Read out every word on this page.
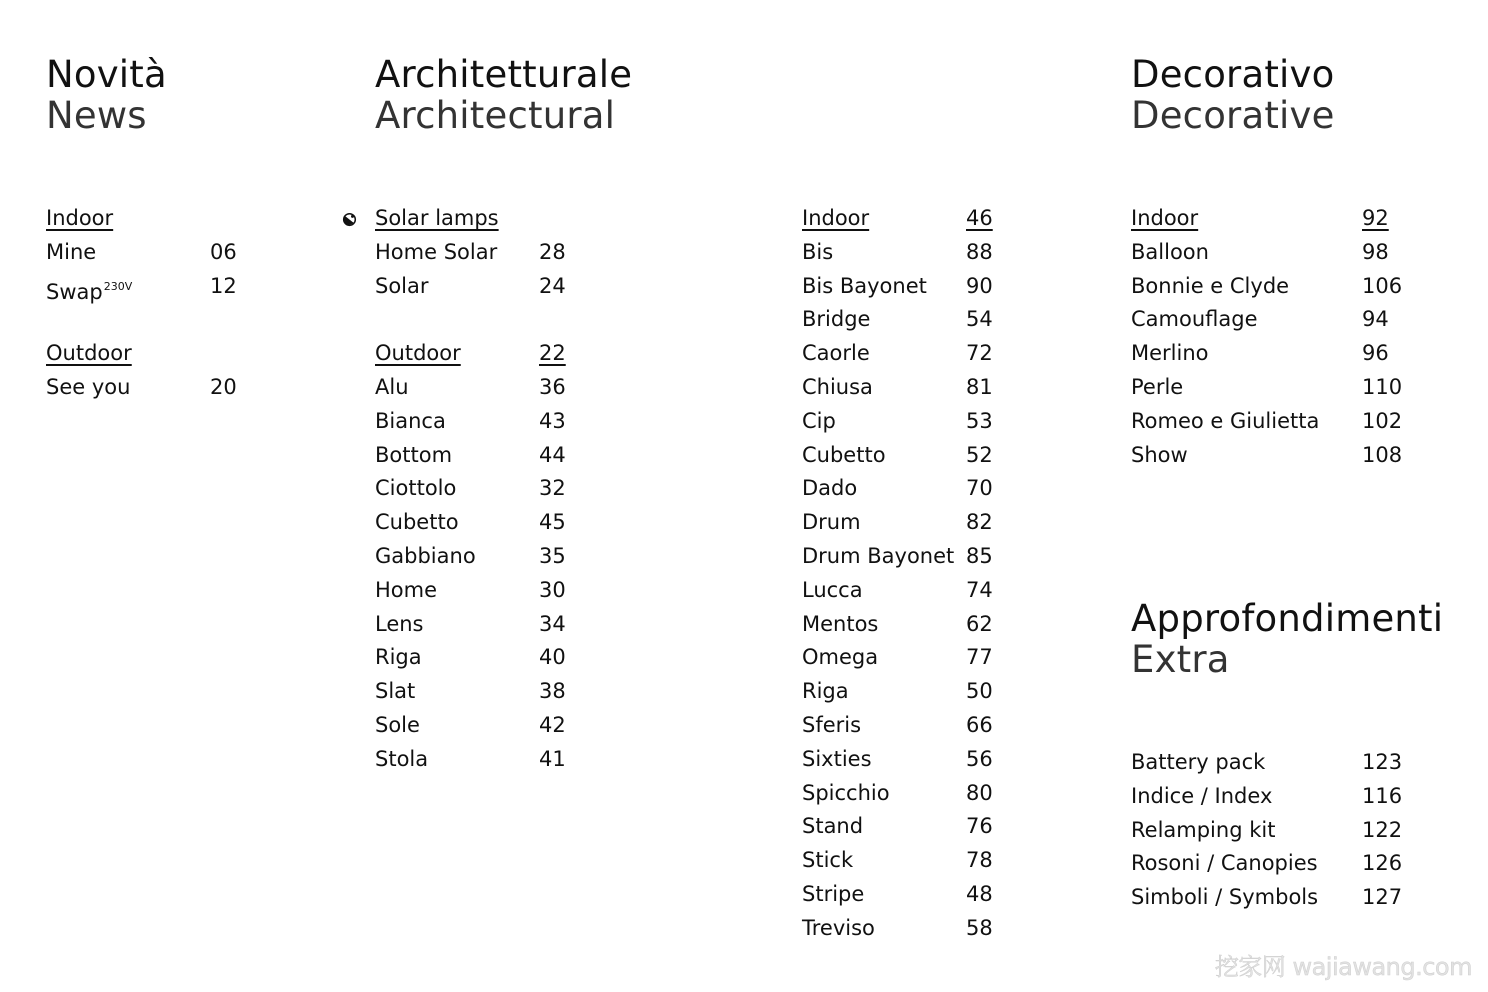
Novità
News
Architetturale
Architectural
Decorativo
Decorative
Approfondimenti
Extra
Indoor
Mine	06
Swap$^{230V}$	12
Outdoor
See you	20
Solar lamps
Home Solar 28
Solar	24
Outdoor	22
Alu	36
Bianca	43
Bottom	44
Ciottolo	32
Cubetto	45
Gabbiano	35
Home	30
Lens	34
Riga	40
Slat	38
Sole	42
Stola	41
Indoor	46
Bis	88
Bis Bayonet 90
Bridge	54
Caorle	72
Chiusa	81
Cip	53
Cubetto	52
Dado	70
Drum	82
Drum Bayonet 85
Lucca	74
Mentos	62
Omega	77
Riga	50
Sferis	66
Sixties	56
Spicchio	80
Stand	76
Stick	78
Stripe	48
Treviso	58
Indoor	92
Balloon	98
Bonnie e Clyde	106
Camouflage	94
Merlino	96
Perle	110
Romeo e Giulietta 102
Show	108
Battery pack	123
Indice / Index	116
Relamping kit	122
Rosoni / Canopies 126
Simboli / Symbols 127
挖家网 wajiawang.com
